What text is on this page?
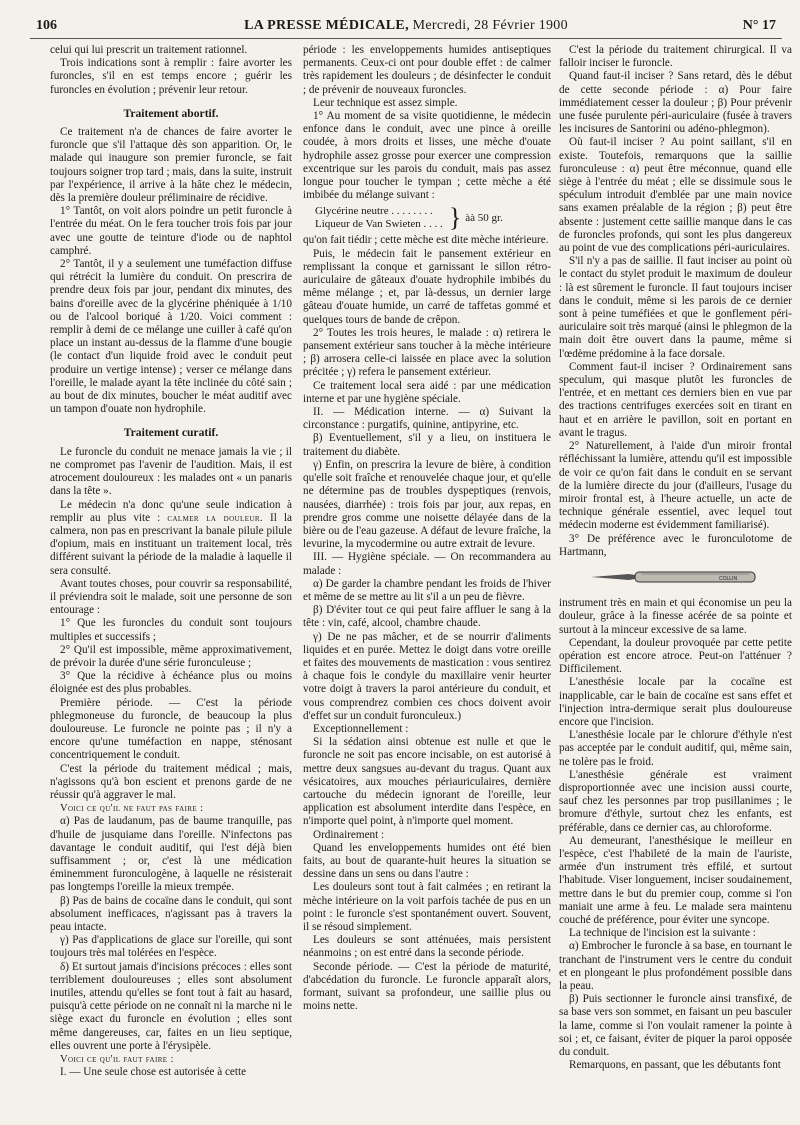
106	LA PRESSE MÉDICALE, Mercredi, 28 Février 1900	N° 17

celui qui lui prescrit un traitement rationnel.

Trois indications sont à remplir : faire avorter les furoncles, s'il en est temps encore ; guérir les furoncles en évolution ; prévenir leur retour.

Traitement abortif.

Ce traitement n'a de chances de faire avorter le furoncle que s'il l'attaque dès son apparition. Or, le malade qui inaugure son premier furoncle, se fait toujours soigner trop tard ; mais, dans la suite, instruit par l'expérience, il arrive à la hâte chez le médecin, dès la première douleur préliminaire de récidive.

1° Tantôt, on voit alors poindre un petit furoncle à l'entrée du méat. On le fera toucher trois fois par jour avec une goutte de teinture d'iode ou de naphtol camphré.

2° Tantôt, il y a seulement une tuméfaction diffuse qui rétrécit la lumière du conduit. On prescrira de prendre deux fois par jour, pendant dix minutes, des bains d'oreille avec de la glycérine phéniquée à 1/10 ou de l'alcool boriqué à 1/20. Voici comment : remplir à demi de ce mélange une cuiller à café qu'on place un instant au-dessus de la flamme d'une bougie (le contact d'un liquide froid avec le conduit peut produire un vertige intense) ; verser ce mélange dans l'oreille, le malade ayant la tête inclinée du côté sain ; au bout de dix minutes, boucher le méat auditif avec un tampon d'ouate non hydrophile.

Traitement curatif.

Le furoncle du conduit ne menace jamais la vie ; il ne compromet pas l'avenir de l'audition. Mais, il est atrocement douloureux : les malades ont « un panaris dans la tête ».

Le médecin n'a donc qu'une seule indication à remplir au plus vite : calmer la douleur. Il la calmera, non pas en prescrivant la banale pilule pilule d'opium, mais en instituant un traitement local, très différent suivant la période de la maladie à laquelle il sera consulté.

Avant toutes choses, pour couvrir sa responsabilité, il préviendra soit le malade, soit une personne de son entourage :

1° Que les furoncles du conduit sont toujours multiples et successifs ;

2° Qu'il est impossible, même approximativement, de prévoir la durée d'une série furonculeuse ;

3° Que la récidive à échéance plus ou moins éloignée est des plus probables.

Première période. — C'est la période phlegmoneuse du furoncle, de beaucoup la plus douloureuse. Le furoncle ne pointe pas ; il n'y a encore qu'une tuméfaction en nappe, sténosant concentriquement le conduit.

C'est la période du traitement médical ; mais, n'agissons qu'à bon escient et prenons garde de ne réussir qu'à aggraver le mal.

Voici ce qu'il ne faut pas faire :

α) Pas de laudanum, pas de baume tranquille, pas d'huile de jusquiame dans l'oreille. N'infectons pas davantage le conduit auditif, qui l'est déjà bien suffisamment ; or, c'est là une médication éminemment furonculogène, à laquelle ne résisterait pas longtemps l'oreille la mieux trempée.

β) Pas de bains de cocaïne dans le conduit, qui sont absolument inefficaces, n'agissant pas à travers la peau intacte.

γ) Pas d'applications de glace sur l'oreille, qui sont toujours très mal tolérées en l'espèce.

δ) Et surtout jamais d'incisions précoces : elles sont terriblement douloureuses ; elles sont absolument inutiles, attendu qu'elles se font tout à fait au hasard, puisqu'à cette période on ne connaît ni la marche ni le siège exact du furoncle en évolution ; elles sont même dangereuses, car, faites en un lieu septique, elles ouvrent une porte à l'érysipèle.

Voici ce qu'il faut faire :

I. — Une seule chose est autorisée à cette

période : les enveloppements humides antiseptiques permanents. Ceux-ci ont pour double effet : de calmer très rapidement les douleurs ; de désinfecter le conduit ; de prévenir de nouveaux furoncles.

Leur technique est assez simple.

1° Au moment de sa visite quotidienne, le médecin enfonce dans le conduit, avec une pince à oreille coudée, à mors droits et lisses, une mèche d'ouate hydrophile assez grosse pour exercer une compression excentrique sur les parois du conduit, mais pas assez longue pour toucher le tympan ; cette mèche a été imbibée du mélange suivant :

Glycérine neutre . . . . . . . .
Liqueur de Van Swieten . . . . } àà 50 gr.

qu'on fait tiédir ; cette mèche est dite mèche intérieure.

Puis, le médecin fait le pansement extérieur en remplissant la conque et garnissant le sillon rétro-auriculaire de gâteaux d'ouate hydrophile imbibés du même mélange ; et, par là-dessus, un dernier large gâteau d'ouate humide, un carré de taffetas gommé et quelques tours de bande de crêpon.

2° Toutes les trois heures, le malade : α) retirera le pansement extérieur sans toucher à la mèche intérieure ; β) arrosera celle-ci laissée en place avec la solution précitée ; γ) refera le pansement extérieur.

Ce traitement local sera aidé : par une médication interne et par une hygiène spéciale.

II. — Médication interne. — α) Suivant la circonstance : purgatifs, quinine, antipyrine, etc.

β) Eventuellement, s'il y a lieu, on instituera le traitement du diabète.

γ) Enfin, on prescrira la levure de bière, à condition qu'elle soit fraîche et renouvelée chaque jour, et qu'elle ne détermine pas de troubles dyspeptiques (renvois, nausées, diarrhée) : trois fois par jour, aux repas, en prendre gros comme une noisette délayée dans de la bière ou de l'eau gazeuse. A défaut de levure fraîche, la levurine, la mycodermine ou autre extrait de levure.

III. — Hygiène spéciale. — On recommandera au malade :

α) De garder la chambre pendant les froids de l'hiver et même de se mettre au lit s'il a un peu de fièvre.

β) D'éviter tout ce qui peut faire affluer le sang à la tête : vin, café, alcool, chambre chaude.

γ) De ne pas mâcher, et de se nourrir d'aliments liquides et en purée. Mettez le doigt dans votre oreille et faites des mouvements de mastication : vous sentirez à chaque fois le condyle du maxillaire venir heurter votre doigt à travers la paroi antérieure du conduit, et vous comprendrez combien ces chocs doivent avoir d'effet sur un conduit furonculeux.)

Exceptionnellement :

Si la sédation ainsi obtenue est nulle et que le furoncle ne soit pas encore incisable, on est autorisé à mettre deux sangsues au-devant du tragus. Quant aux vésicatoires, aux mouches périauriculaires, dernière cartouche du médecin ignorant de l'oreille, leur application est absolument interdite dans l'espèce, en n'importe quel point, à n'importe quel moment.

Ordinairement :

Quand les enveloppements humides ont été bien faits, au bout de quarante-huit heures la situation se dessine dans un sens ou dans l'autre :

Les douleurs sont tout à fait calmées ; en retirant la mèche intérieure on la voit parfois tachée de pus en un point : le furoncle s'est spontanément ouvert. Souvent, il se résoud simplement.

Les douleurs se sont atténuées, mais persistent néanmoins ; on est entré dans la seconde période.

Seconde période. — C'est la période de maturité, d'abcédation du furoncle. Le furoncle apparaît alors, formant, suivant sa profondeur, une saillie plus ou moins nette.

C'est la période du traitement chirurgical. Il va falloir inciser le furoncle.

Quand faut-il inciser ? Sans retard, dès le début de cette seconde période : α) Pour faire immédiatement cesser la douleur ; β) Pour prévenir une fusée purulente péri-auriculaire (fusée à travers les incisures de Santorini ou adéno-phlegmon).

Où faut-il inciser ? Au point saillant, s'il en existe. Toutefois, remarquons que la saillie furonculeuse : α) peut être méconnue, quand elle siège à l'entrée du méat ; elle se dissimule sous le spéculum introduit d'emblée par une main novice sans examen préalable de la région ; β) peut être absente : justement cette saillie manque dans le cas de furoncles profonds, qui sont les plus dangereux au point de vue des complications péri-auriculaires.

S'il n'y a pas de saillie. Il faut inciser au point où le contact du stylet produit le maximum de douleur : là est sûrement le furoncle. Il faut toujours inciser dans le conduit, même si les parois de ce dernier sont à peine tuméfiées et que le gonflement péri-auriculaire soit très marqué (ainsi le phlegmon de la main doit être ouvert dans la paume, même si l'œdème prédomine à la face dorsale.

Comment faut-il inciser ? Ordinairement sans speculum, qui masque plutôt les furoncles de l'entrée, et en mettant ces derniers bien en vue par des tractions centrifuges exercées soit en tirant en haut et en arrière le pavillon, soit en portant en avant le tragus.

2° Naturellement, à l'aide d'un miroir frontal réfléchissant la lumière, attendu qu'il est impossible de voir ce qu'on fait dans le conduit en se servant de la lumière directe du jour (d'ailleurs, l'usage du miroir frontal est, à l'heure actuelle, un acte de technique générale essentiel, avec lequel tout médecin moderne est évidemment familiarisé).

3° De préférence avec le furonculotome de Hartmann,

COLLIN

instrument très en main et qui économise un peu la douleur, grâce à la finesse acérée de sa pointe et surtout à la minceur excessive de sa lame.

Cependant, la douleur provoquée par cette petite opération est encore atroce. Peut-on l'atténuer ? Difficilement.

L'anesthésie locale par la cocaïne est inapplicable, car le bain de cocaïne est sans effet et l'injection intra-dermique serait plus douloureuse encore que l'incision.

L'anesthésie locale par le chlorure d'éthyle n'est pas acceptée par le conduit auditif, qui, même sain, ne tolère pas le froid.

L'anesthésie générale est vraiment disproportionnée avec une incision aussi courte, sauf chez les personnes par trop pusillanimes ; le bromure d'éthyle, surtout chez les enfants, est préférable, dans ce dernier cas, au chloroforme.

Au demeurant, l'anesthésique le meilleur en l'espèce, c'est l'habileté de la main de l'auriste, armée d'un instrument très effilé, et surtout l'habitude. Viser longuement, inciser soudainement, mettre dans le but du premier coup, comme si l'on maniait une arme à feu. Le malade sera maintenu couché de préférence, pour éviter une syncope.

La technique de l'incision est la suivante :

α) Embrocher le furoncle à sa base, en tournant le tranchant de l'instrument vers le centre du conduit et en plongeant le plus profondément possible dans la peau.

β) Puis sectionner le furoncle ainsi transfixé, de sa base vers son sommet, en faisant un peu basculer la lame, comme si l'on voulait ramener la pointe à soi ; et, ce faisant, éviter de piquer la paroi opposée du conduit.

Remarquons, en passant, que les débutants font
